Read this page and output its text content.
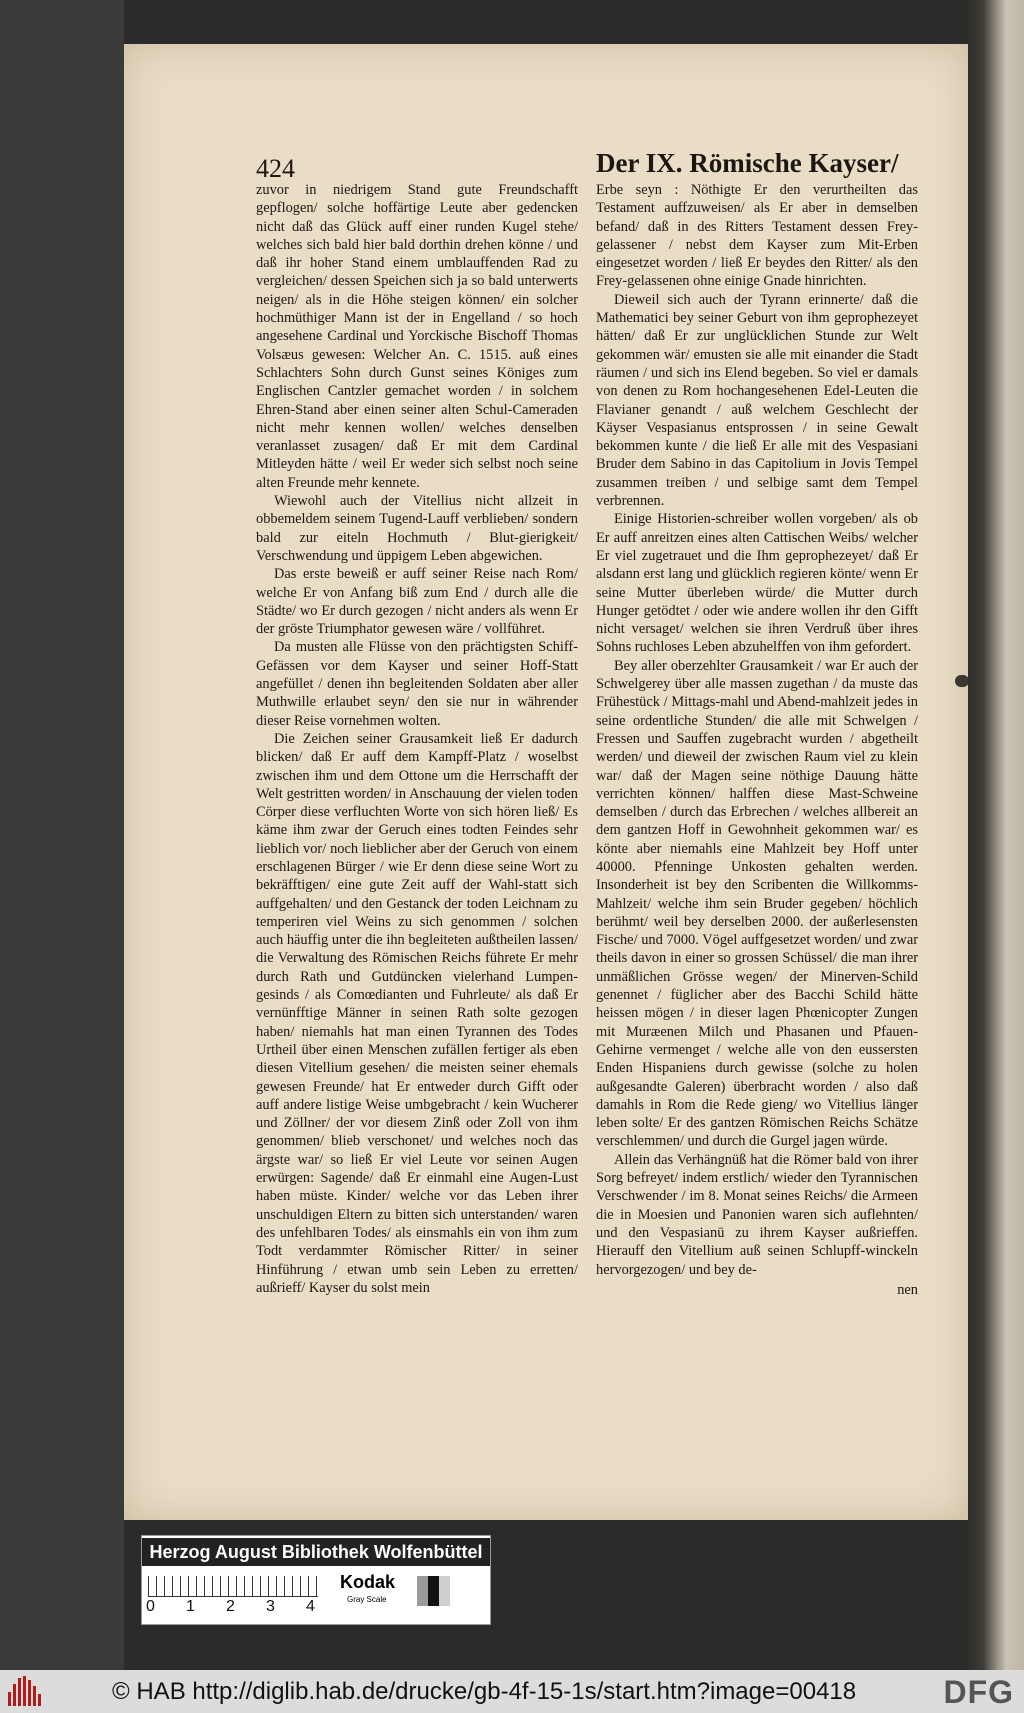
424	Der IX. Römische Kayser/

zuvor in niedrigem Stand gute Freundschafft gepflogen/ solche hoffärtige Leute aber gedencken nicht daß das Glück auff einer runden Kugel stehe/ welches sich bald hier bald dorthin drehen könne / und daß ihr hoher Stand einem umblauffenden Rad zu vergleichen/ dessen Speichen sich ja so bald unterwerts neigen/ als in die Höhe steigen können/ ein solcher hochmüthiger Mann ist der in Engelland / so hoch angesehene Cardinal und Yorckische Bischoff Thomas Volsæus gewesen: Welcher An. C. 1515. auß eines Schlachters Sohn durch Gunst seines Königes zum Englischen Cantzler gemachet worden / in solchem Ehren-Stand aber einen seiner alten Schul-Cameraden nicht mehr kennen wollen/ welches denselben veranlasset zusagen/ daß Er mit dem Cardinal Mitleyden hätte / weil Er weder sich selbst noch seine alten Freunde mehr kennete.

Wiewohl auch der Vitellius nicht allzeit in obbemeldem seinem Tugend-Lauff verblieben/ sondern bald zur eiteln Hochmuth / Blut-gierigkeit/ Verschwendung und üppigem Leben abgewichen.

Das erste beweiß er auff seiner Reise nach Rom/ welche Er von Anfang biß zum End / durch alle die Städte/ wo Er durch gezogen / nicht anders als wenn Er der gröste Triumphator gewesen wäre / vollführet.

Da musten alle Flüsse von den prächtigsten Schiff-Gefässen vor dem Kayser und seiner Hoff-Statt angefüllet / denen ihn begleitenden Soldaten aber aller Muthwille erlaubet seyn/ den sie nur in währender dieser Reise vornehmen wolten.

Die Zeichen seiner Grausamkeit ließ Er dadurch blicken/ daß Er auff dem Kampff-Platz / woselbst zwischen ihm und dem Ottone um die Herrschafft der Welt gestritten worden/ in Anschauung der vielen toden Cörper diese verfluchten Worte von sich hören ließ/ Es käme ihm zwar der Geruch eines todten Feindes sehr lieblich vor/ noch lieblicher aber der Geruch von einem erschlagenen Bürger / wie Er denn diese seine Wort zu bekräfftigen/ eine gute Zeit auff der Wahl-statt sich auffgehalten/ und den Gestanck der toden Leichnam zu temperiren viel Weins zu sich genommen / solchen auch häuffig unter die ihn begleiteten außtheilen lassen/ die Verwaltung des Römischen Reichs führete Er mehr durch Rath und Gutdüncken vielerhand Lumpen-gesinds / als Comœdianten und Fuhrleute/ als daß Er vernünfftige Männer in seinen Rath solte gezogen haben/ niemahls hat man einen Tyrannen des Todes Urtheil über einen Menschen zufällen fertiger als eben diesen Vitellium gesehen/ die meisten seiner ehemals gewesen Freunde/ hat Er entweder durch Gifft oder auff andere listige Weise umbgebracht / kein Wucherer und Zöllner/ der vor diesem Zinß oder Zoll von ihm genommen/ blieb verschonet/ und welches noch das ärgste war/ so ließ Er viel Leute vor seinen Augen erwürgen: Sagende/ daß Er einmahl eine Augen-Lust haben müste. Kinder/ welche vor das Leben ihrer unschuldigen Eltern zu bitten sich unterstanden/ waren des unfehlbaren Todes/ als einsmahls ein von ihm zum Todt verdammter Römischer Ritter/ in seiner Hinführung / etwan umb sein Leben zu erretten/ außrieff/ Kayser du solst mein

Erbe seyn : Nöthigte Er den verurtheilten das Testament auffzuweisen/ als Er aber in demselben befand/ daß in des Ritters Testament dessen Frey-gelassener / nebst dem Kayser zum Mit-Erben eingesetzet worden / ließ Er beydes den Ritter/ als den Frey-gelassenen ohne einige Gnade hinrichten.

Dieweil sich auch der Tyrann erinnerte/ daß die Mathematici bey seiner Geburt von ihm geprophezeyet hätten/ daß Er zur unglücklichen Stunde zur Welt gekommen wär/ emusten sie alle mit einander die Stadt räumen / und sich ins Elend begeben. So viel er damals von denen zu Rom hochangesehenen Edel-Leuten die Flavianer genandt / auß welchem Geschlecht der Käyser Vespasianus entsprossen / in seine Gewalt bekommen kunte / die ließ Er alle mit des Vespasiani Bruder dem Sabino in das Capitolium in Jovis Tempel zusammen treiben / und selbige samt dem Tempel verbrennen.

Einige Historien-schreiber wollen vorgeben/ als ob Er auff anreitzen eines alten Cattischen Weibs/ welcher Er viel zugetrauet und die Ihm geprophezeyet/ daß Er alsdann erst lang und glücklich regieren könte/ wenn Er seine Mutter überleben würde/ die Mutter durch Hunger getödtet / oder wie andere wollen ihr den Gifft nicht versaget/ welchen sie ihren Verdruß über ihres Sohns ruchloses Leben abzuhelffen von ihm gefordert.

Bey aller oberzehlter Grausamkeit / war Er auch der Schwelgerey über alle massen zugethan / da muste das Frühestück / Mittags-mahl und Abend-mahlzeit jedes in seine ordentliche Stunden/ die alle mit Schwelgen / Fressen und Sauffen zugebracht wurden / abgetheilt werden/ und dieweil der zwischen Raum viel zu klein war/ daß der Magen seine nöthige Dauung hätte verrichten können/ halffen diese Mast-Schweine demselben / durch das Erbrechen / welches allbereit an dem gantzen Hoff in Gewohnheit gekommen war/ es könte aber niemahls eine Mahlzeit bey Hoff unter 40000. Pfenninge Unkosten gehalten werden. Insonderheit ist bey den Scribenten die Willkomms-Mahlzeit/ welche ihm sein Bruder gegeben/ höchlich berühmt/ weil bey derselben 2000. der außerlesensten Fische/ und 7000. Vögel auffgesetzet worden/ und zwar theils davon in einer so grossen Schüssel/ die man ihrer unmäßlichen Grösse wegen/ der Minerven-Schild genennet / füglicher aber des Bacchi Schild hätte heissen mögen / in dieser lagen Phœnicopter Zungen mit Muræenen Milch und Phasanen und Pfauen-Gehirne vermenget / welche alle von den eussersten Enden Hispaniens durch gewisse (solche zu holen außgesandte Galeren) überbracht worden / also daß damahls in Rom die Rede gieng/ wo Vitellius länger leben solte/ Er des gantzen Römischen Reichs Schätze verschlemmen/ und durch die Gurgel jagen würde.

Allein das Verhängnüß hat die Römer bald von ihrer Sorg befreyet/ indem erstlich/ wieder den Tyrannischen Verschwender / im 8. Monat seines Reichs/ die Armeen die in Moesien und Panonien waren sich auflehnten/ und den Vespasianū zu ihrem Kayser außrieffen. Hierauff den Vitellium auß seinen Schlupff-winckeln hervorgezogen/ und bey de-

nen
Herzog August Bibliothek Wolfenbüttel
0 1 2 3 4
Kodak
Gray Scale
© HAB http://diglib.hab.de/drucke/gb-4f-15-1s/start.htm?image=00418	DFG
